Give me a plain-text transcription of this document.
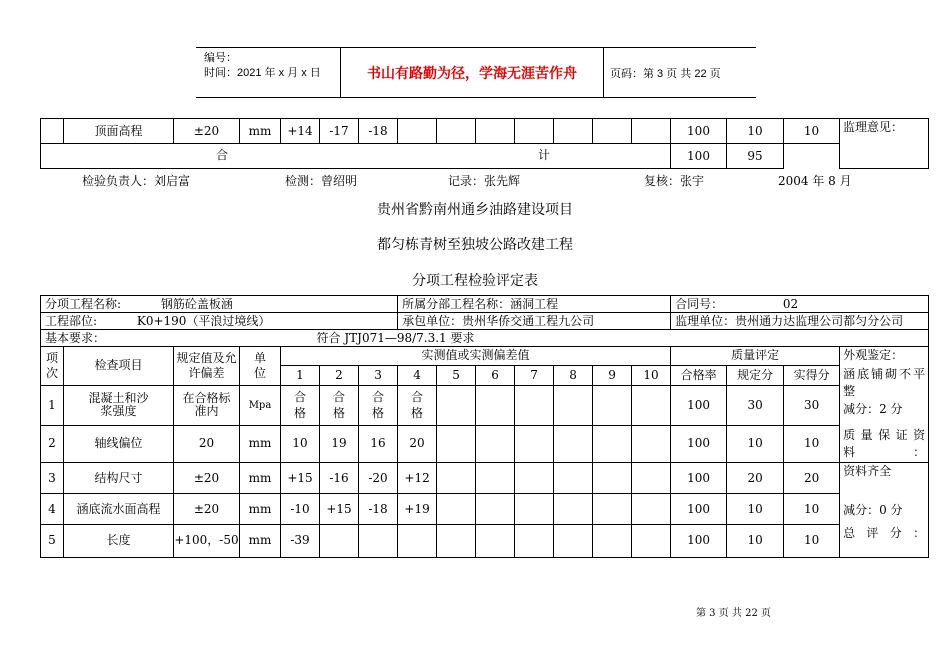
编号：
时间：2021 年 x 月 x 日	书山有路勤为径，学海无涯苦作舟	页码：第 3 页 共 22 页
	顶面高程	±20	mm	+14	-17	-18								100	10	10	监理意见：

合 计														100	95		
检验负责人：刘启富	检测：曾绍明	记录：张先辉	复核：张宇	2004 年 8 月
贵州省黔南州通乡油路建设项目
都匀栋青树至独坡公路改建工程
分项工程检验评定表
分项工程名称: 钢筋砼盖板涵							所属分部工程名称：涵洞工程							合同号： 02			
工程部位: K0+190（平浪过境线）							承包单位：贵州华侨交通工程九公司							监理单位：贵州通力达监理公司都匀分公司			
基本要求：			符合 JTJ071—98/7.3.1 要求														
项次	检查项目	规定值及允许偏差	单位	实测值或实测偏差值										质量评定			外观鉴定：
				1	2	3	4	5	6	7	8	9	10	合格率	规定分	实得分	涵底铺砌不平整
减分：2 分
质量保证资料：

1	混凝土和沙浆强度	在合格标准内	Mpa	合格	合格	合格	合格							100	30	30	
2	轴线偏位	20	mm	10	19	16	20							100	10	10	
3	结构尺寸	±20	mm	+15	-16	-20	+12							100	20	20	资料齐全
减分：0 分

4	涵底流水面高程	±20	mm	-10	+15	-18	+19							100	10	10	
5	长度	+100，-50	mm	-39										100	10	10	总 评 分 ：
第 3 页 共 22 页
